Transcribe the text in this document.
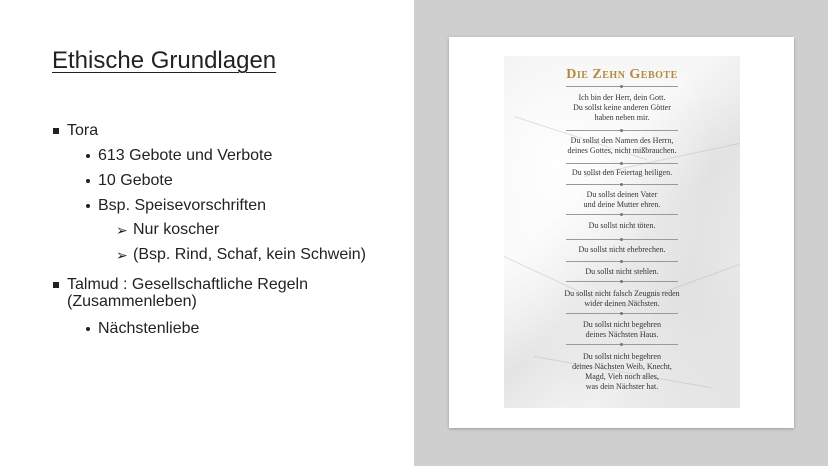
Ethische Grundlagen
Tora
613 Gebote und Verbote
10 Gebote
Bsp. Speisevorschriften
Nur koscher
➢
(Bsp. Rind, Schaf, kein Schwein)
➢
Talmud : Gesellschaftliche Regeln
(Zusammenleben)
Nächstenliebe
Die Zehn Gebote
Ich bin der Herr, dein Gott.
Du sollst keine anderen Götter
haben neben mir.
Du sollst den Namen des Herrn,
deines Gottes, nicht mißbrauchen.
Du sollst den Feiertag heiligen.
Du sollst deinen Vater
und deine Mutter ehren.
Du sollst nicht töten.
Du sollst nicht ehebrechen.
Du sollst nicht stehlen.
Du sollst nicht falsch Zeugnis reden
wider deinen Nächsten.
Du sollst nicht begehren
deines Nächsten Haus.
Du sollst nicht begehren
deines Nächsten Weib, Knecht,
Magd, Vieh noch alles,
was dein Nächster hat.
